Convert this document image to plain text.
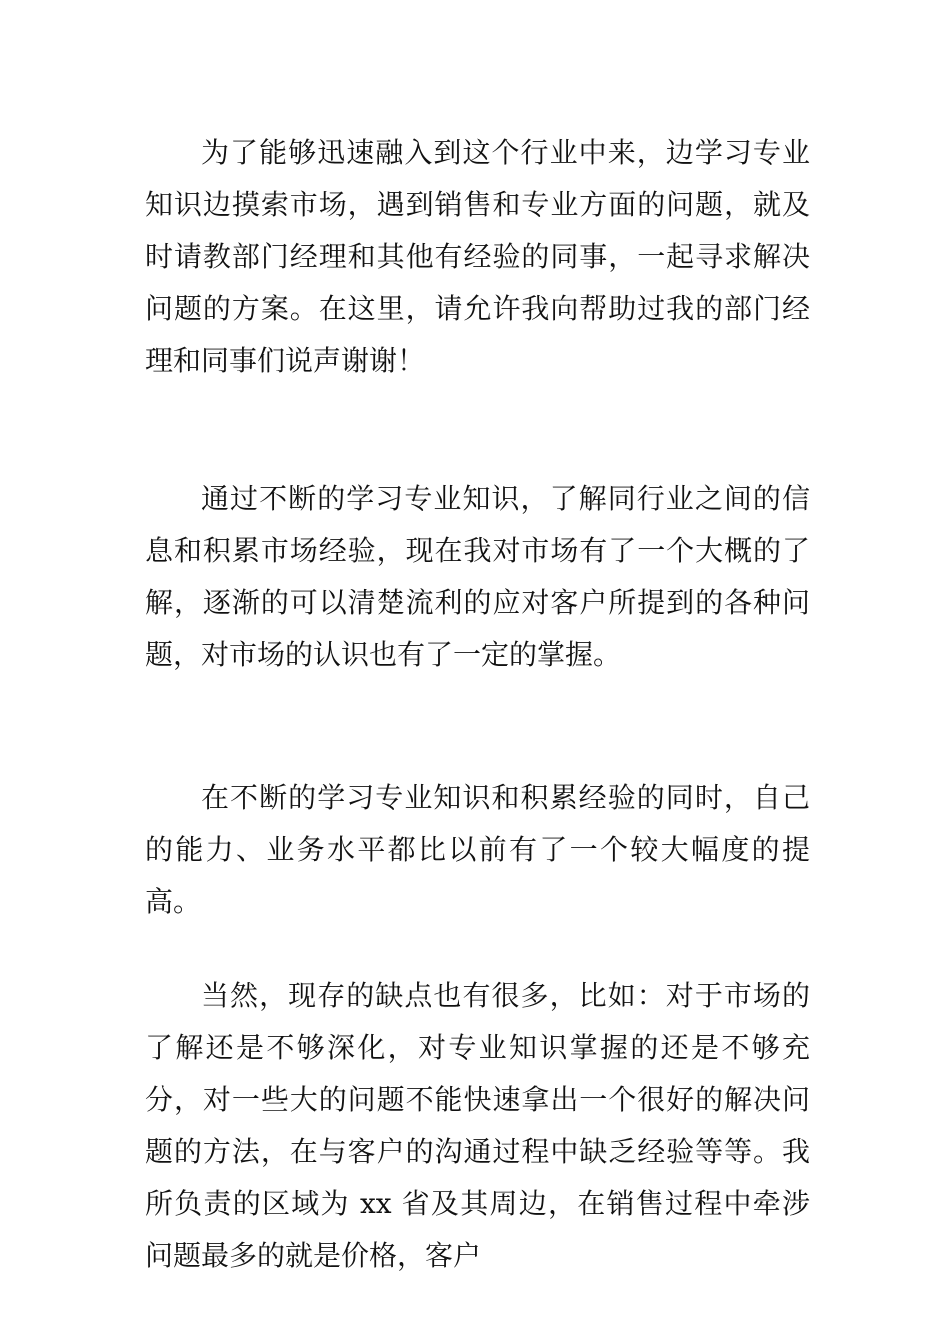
为了能够迅速融入到这个行业中来，边学习专业知识边摸索市场，遇到销售和专业方面的问题，就及时请教部门经理和其他有经验的同事，一起寻求解决问题的方案。在这里，请允许我向帮助过我的部门经理和同事们说声谢谢！

通过不断的学习专业知识，了解同行业之间的信息和积累市场经验，现在我对市场有了一个大概的了解，逐渐的可以清楚流利的应对客户所提到的各种问题，对市场的认识也有了一定的掌握。

在不断的学习专业知识和积累经验的同时，自己的能力、业务水平都比以前有了一个较大幅度的提高。

当然，现存的缺点也有很多，比如：对于市场的了解还是不够深化，对专业知识掌握的还是不够充分，对一些大的问题不能快速拿出一个很好的解决问题的方法，在与客户的沟通过程中缺乏经验等等。我所负责的区域为 xx 省及其周边，在销售过程中牵涉问题最多的就是价格，客户
